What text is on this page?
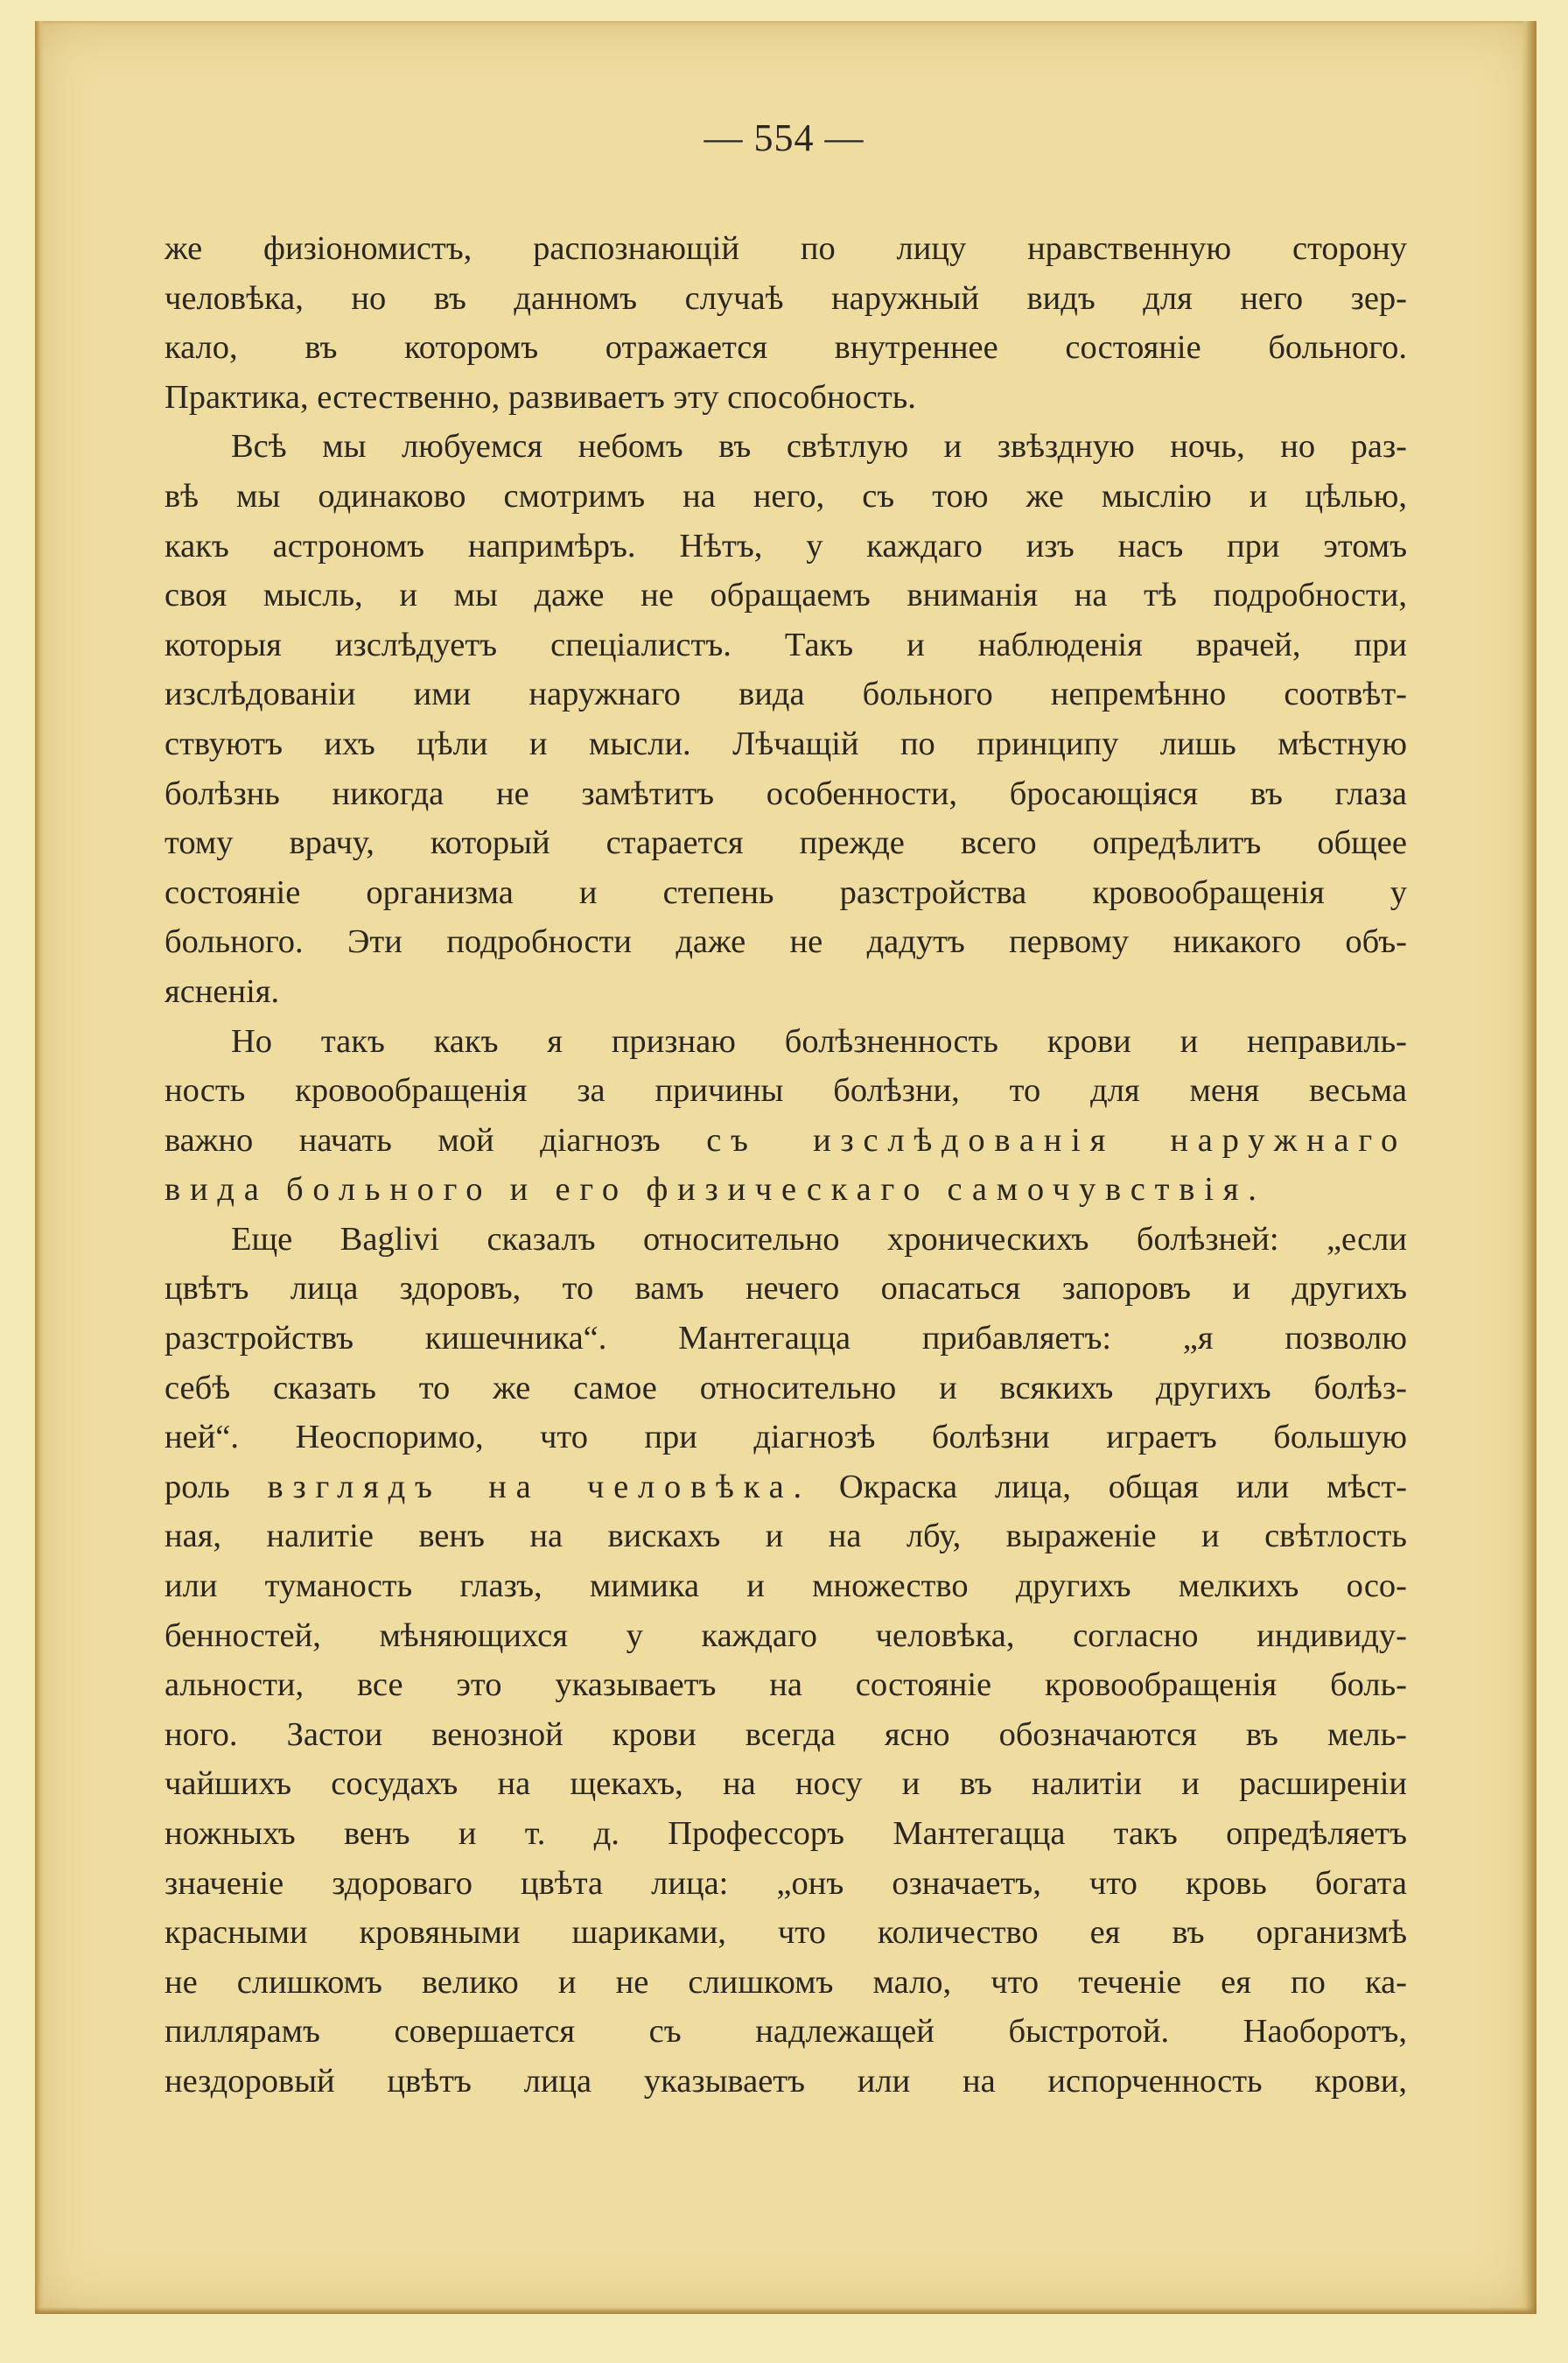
— 554 —
же физіономистъ, распознающій по лицу нравственную сторону
человѣка, но въ данномъ случаѣ наружный видъ для него зер-
кало, въ которомъ отражается внутреннее состояніе больного.
Практика, естественно, развиваетъ эту способность.
Всѣ мы любуемся небомъ въ свѣтлую и звѣздную ночь, но раз-
вѣ мы одинаково смотримъ на него, съ тою же мыслію и цѣлью,
какъ астрономъ напримѣръ. Нѣтъ, у каждаго изъ насъ при этомъ
своя мысль, и мы даже не обращаемъ вниманія на тѣ подробности,
которыя изслѣдуетъ спеціалистъ. Такъ и наблюденія врачей, при
изслѣдованіи ими наружнаго вида больного непремѣнно соотвѣт-
ствуютъ ихъ цѣли и мысли. Лѣчащій по принципу лишь мѣстную
болѣзнь никогда не замѣтитъ особенности, бросающіяся въ глаза
тому врачу, который старается прежде всего опредѣлитъ общее
состояніе организма и степень разстройства кровообращенія у
больного. Эти подробности даже не дадутъ первому никакого объ-
ясненія.
Но такъ какъ я признаю болѣзненность крови и неправиль-
ность кровообращенія за причины болѣзни, то для меня весьма
важно начать мой діагнозъ съ изслѣдованія наружнаго
вида больного и его физическаго самочувствія.
Еще Baglivi сказалъ относительно хроническихъ болѣзней: „если
цвѣтъ лица здоровъ, то вамъ нечего опасаться запоровъ и другихъ
разстройствъ кишечника“. Мантегацца прибавляетъ: „я позволю
себѣ сказать то же самое относительно и всякихъ другихъ болѣз-
ней“. Неоспоримо, что при діагнозѣ болѣзни играетъ большую
роль взглядъ на человѣка. Окраска лица, общая или мѣст-
ная, налитіе венъ на вискахъ и на лбу, выраженіе и свѣтлость
или туманость глазъ, мимика и множество другихъ мелкихъ осо-
бенностей, мѣняющихся у каждаго человѣка, согласно индивиду-
альности, все это указываетъ на состояніе кровообращенія боль-
ного. Застои венозной крови всегда ясно обозначаются въ мель-
чайшихъ сосудахъ на щекахъ, на носу и въ налитіи и расширеніи
ножныхъ венъ и т. д. Профессоръ Мантегацца такъ опредѣляетъ
значеніе здороваго цвѣта лица: „онъ означаетъ, что кровь богата
красными кровяными шариками, что количество ея въ организмѣ
не слишкомъ велико и не слишкомъ мало, что теченіе ея по ка-
пиллярамъ совершается съ надлежащей быстротой. Наоборотъ,
нездоровый цвѣтъ лица указываетъ или на испорченность крови,
